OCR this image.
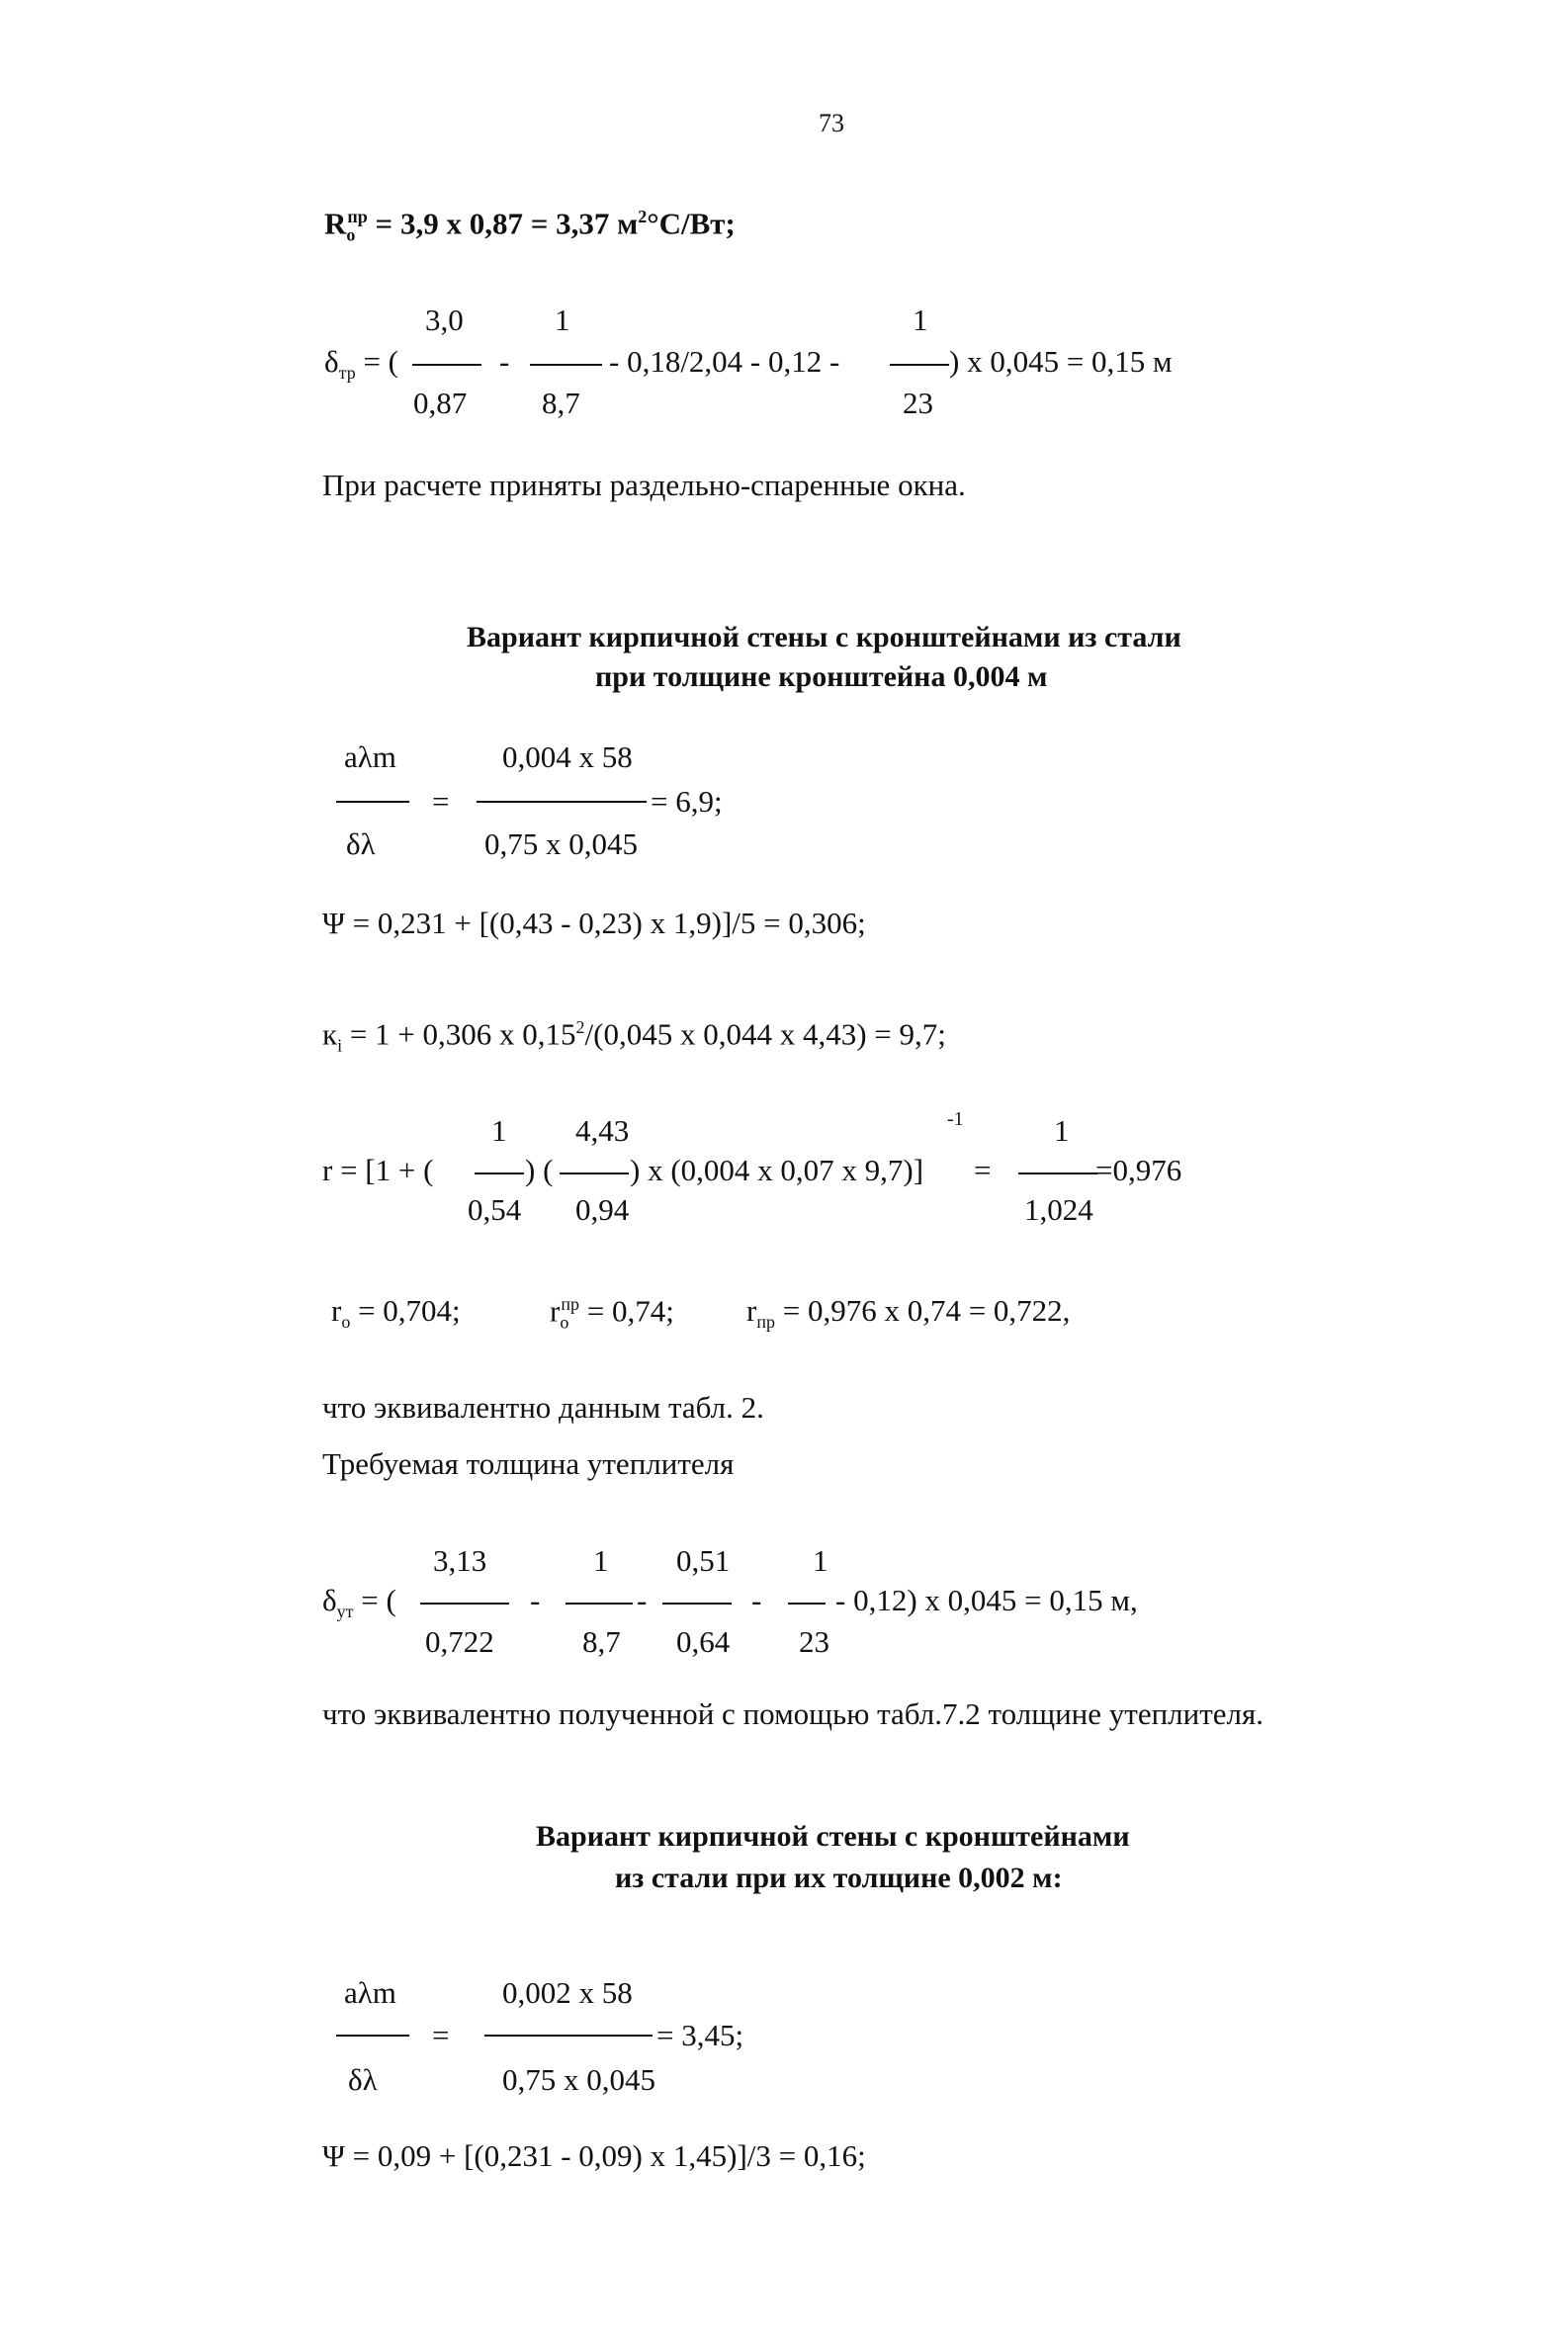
73
$R_o^{пр} = 3,9$ x 0,87 = 3,37 $м^2^\circ C/Вт$;
3,0	1	1
$\delta_{тр}$ = (	-	- 0,18/2,04 - 0,12 -	) x 0,045 = 0,15 м
0,87 8,7	23
При расчете приняты раздельно-спаренные окна.
Вариант кирпичной стены с кронштейнами из стали
при толщине кронштейна 0,004 м
aλm	0,004 x 58
=	= 6,9;
δλ	0,75 x 0,045
Ψ = 0,231 + [(0,43 - 0,23) x 1,9)]/5 = 0,306;
$к_i = 1 + 0,306$ x 0,15$^2$/(0,045 x 0,044 x 4,43) = 9,7;
1 4,43	-1	1
r = [1 + (	) (	) x (0,004 x 0,07 x 9,7)] =	=0,976
0,54 0,94	1,024
$r_o = 0,704$;	$r_o^{пр} = 0,74$; $r_{пр} = 0,976$ x 0,74 = 0,722,
что эквивалентно данным табл. 2.
Требуемая толщина утеплителя
3,13	1 0,51	1
$\delta_{ут}$ = (	-	-	- - 0,12) x 0,045 = 0,15 м,
0,722	8,7 0,64 23
что эквивалентно полученной с помощью табл.7.2 толщине утеплителя.
Вариант кирпичной стены с кронштейнами
из стали при их толщине 0,002 м:
aλm	0,002 x 58
=	= 3,45;
δλ	0,75 x 0,045
Ψ = 0,09 + [(0,231 - 0,09) x 1,45)]/3 = 0,16;
